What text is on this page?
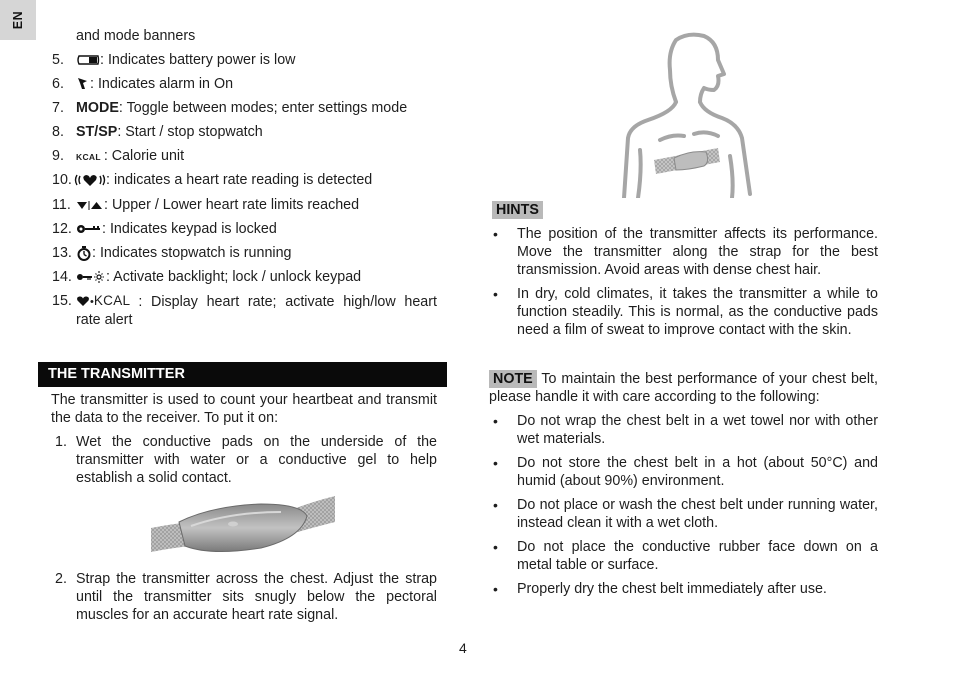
EN
and mode banners
5.	: Indicates battery power is low
6.	: Indicates alarm in On
7. MODE: Toggle between modes; enter settings mode
8. ST/SP: Start / stop stopwatch
9. KCAL : Calorie unit
10.	: indicates a heart rate reading is detected
11.	: Upper / Lower heart rate limits reached
12.	: Indicates keypad is locked
13.	: Indicates stopwatch is running
14.	: Activate backlight; lock / unlock keypad
15.	•KCAL : Display heart rate; activate high/low heart
rate alert
THE TRANSMITTER
The transmitter is used to count your heartbeat and transmit the data to the receiver. To put it on:
1. Wet the conductive pads on the underside of the transmitter with water or a conductive gel to help establish a solid contact.
2. Strap the transmitter across the chest. Adjust the strap until the transmitter sits snugly below the pectoral muscles for an accurate heart rate signal.
HINTS
• The position of the transmitter affects its performance. Move the transmitter along the strap for the best transmission. Avoid areas with dense chest hair.
• In dry, cold climates, it takes the transmitter a while to function steadily. This is normal, as the conductive pads need a film of sweat to improve contact with the skin.
NOTE To maintain the best performance of your chest belt, please handle it with care according to the following:
• Do not wrap the chest belt in a wet towel nor with other wet materials.
• Do not store the chest belt in a hot (about 50°C) and humid (about 90%) environment.
• Do not place or wash the chest belt under running water, instead clean it with a wet cloth.
• Do not place the conductive rubber face down on a metal table or surface.
• Properly dry the chest belt immediately after use.
4
